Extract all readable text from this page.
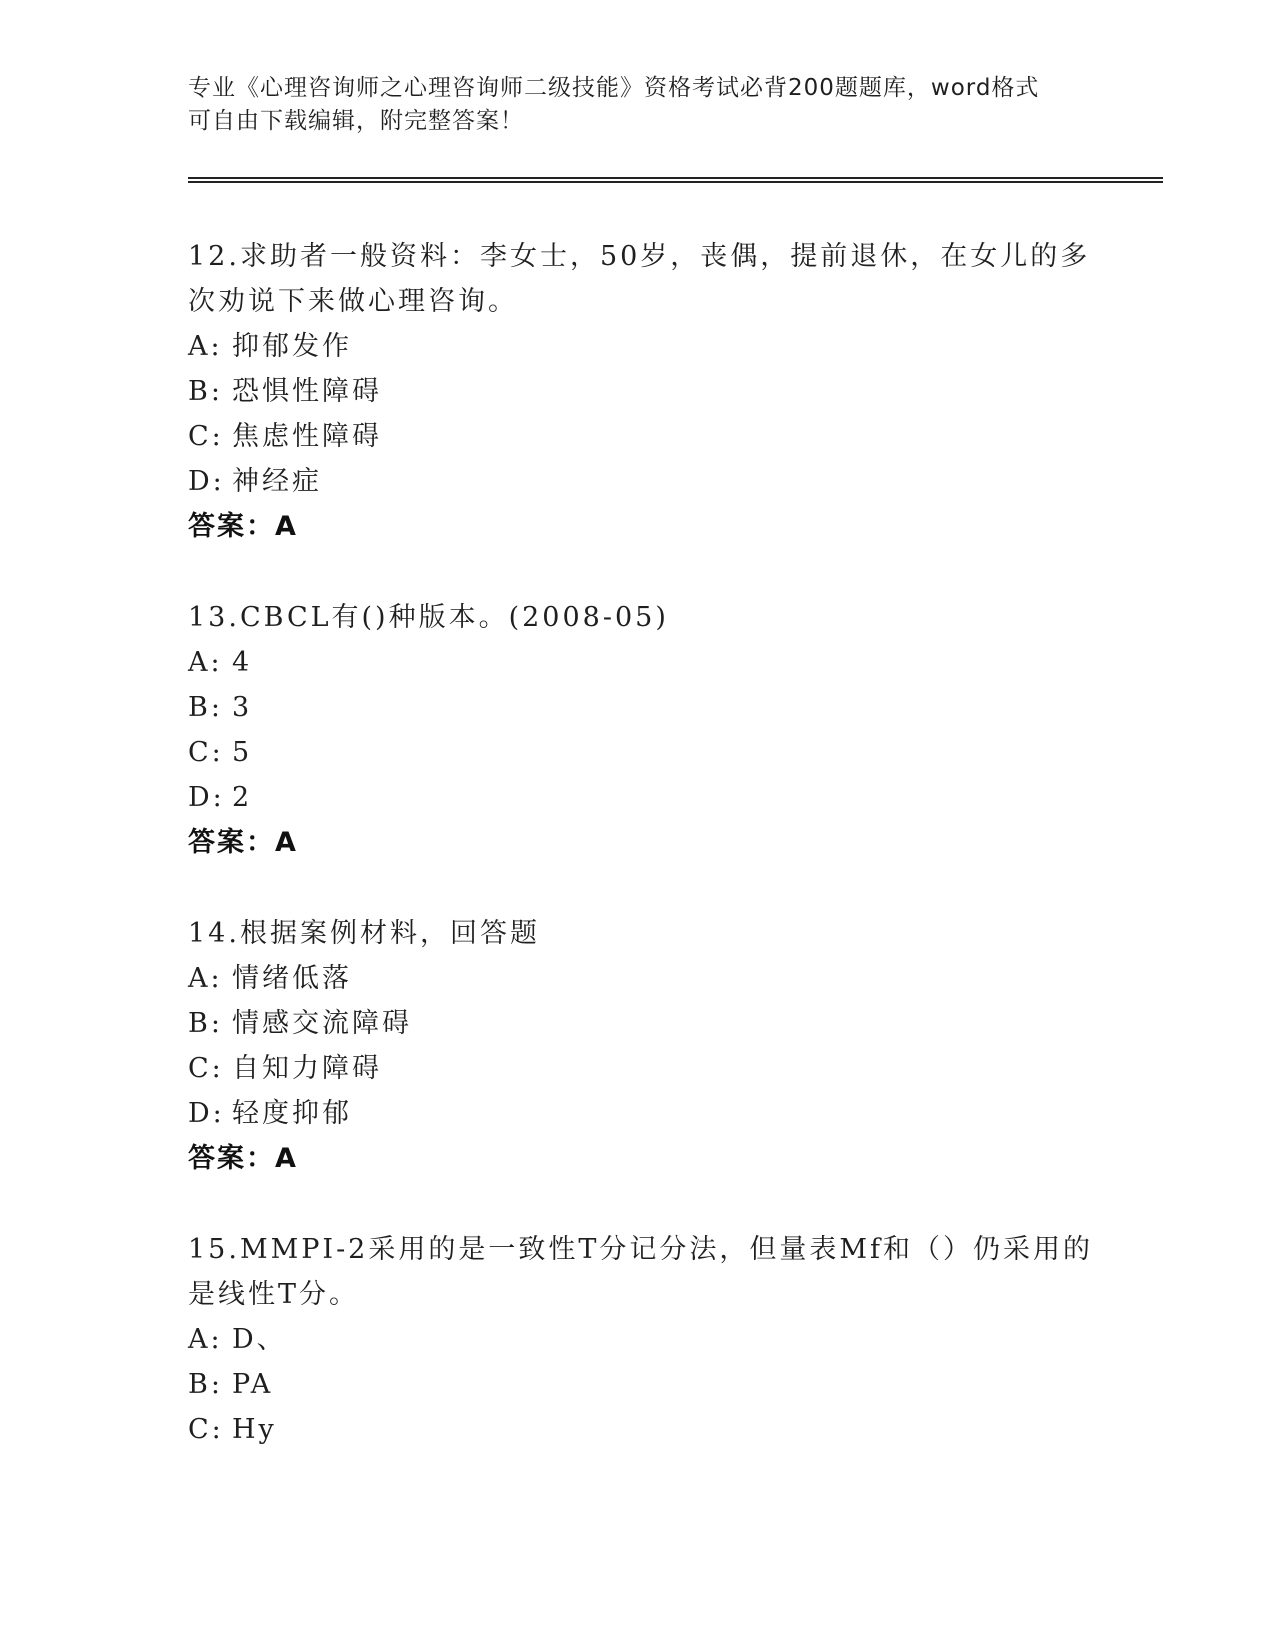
专业《心理咨询师之心理咨询师二级技能》资格考试必背200题题库，word格式
可自由下载编辑，附完整答案！

12.求助者一般资料：李女士，50岁，丧偶，提前退休，在女儿的多次劝说下来做心理咨询。

A: 抑郁发作
B: 恐惧性障碍
C: 焦虑性障碍
D: 神经症
答案：A

13.CBCL有()种版本。(2008-05)

A: 4
B: 3
C: 5
D: 2
答案：A

14.根据案例材料，回答题

A: 情绪低落
B: 情感交流障碍
C: 自知力障碍
D: 轻度抑郁
答案：A

15.MMPI-2采用的是一致性T分记分法，但量表Mf和（）仍采用的是线性T分。

A: D、
B: PA
C: Hy
